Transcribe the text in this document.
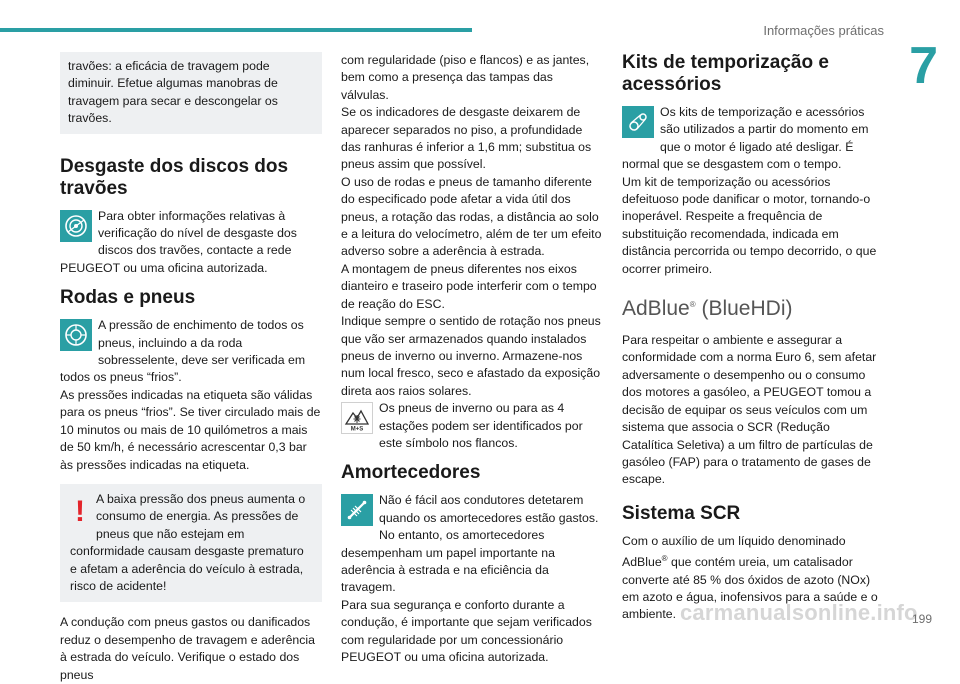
Informações práticas
7

travões: a eficácia de travagem pode diminuir. Efetue algumas manobras de travagem para secar e descongelar os travões.

Desgaste dos discos dos travões

Para obter informações relativas à verificação do nível de desgaste dos discos dos travões, contacte a rede PEUGEOT ou uma oficina autorizada.

Rodas e pneus

A pressão de enchimento de todos os pneus, incluindo a da roda sobresselente, deve ser verificada em todos os pneus “frios”.

As pressões indicadas na etiqueta são válidas para os pneus “frios”. Se tiver circulado mais de 10 minutos ou mais de 10 quilómetros a mais de 50 km/h, é necessário acrescentar 0,3 bar às pressões indicadas na etiqueta.

! A baixa pressão dos pneus aumenta o consumo de energia. As pressões de pneus que não estejam em conformidade causam desgaste prematuro e afetam a aderência do veículo à estrada, risco de acidente!

A condução com pneus gastos ou danificados reduz o desempenho de travagem e aderência à estrada do veículo. Verifique o estado dos pneus

com regularidade (piso e flancos) e as jantes, bem como a presença das tampas das válvulas.

Se os indicadores de desgaste deixarem de aparecer separados no piso, a profundidade das ranhuras é inferior a 1,6 mm; substitua os pneus assim que possível.

O uso de rodas e pneus de tamanho diferente do especificado pode afetar a vida útil dos pneus, a rotação das rodas, a distância ao solo e a leitura do velocímetro, além de ter um efeito adverso sobre a aderência à estrada.

A montagem de pneus diferentes nos eixos dianteiro e traseiro pode interferir com o tempo de reação do ESC.

Indique sempre o sentido de rotação nos pneus que vão ser armazenados quando instalados pneus de inverno ou inverno. Armazene-nos num local fresco, seco e afastado da exposição direta aos raios solares.

M+S

Os pneus de inverno ou para as 4 estações podem ser identificados por este símbolo nos flancos.

Amortecedores

Não é fácil aos condutores detetarem quando os amortecedores estão gastos. No entanto, os amortecedores desempenham um papel importante na aderência à estrada e na eficiência da travagem.

Para sua segurança e conforto durante a condução, é importante que sejam verificados com regularidade por um concessionário PEUGEOT ou uma oficina autorizada.

Kits de temporização e acessórios

Os kits de temporização e acessórios são utilizados a partir do momento em que o motor é ligado até desligar. É normal que se desgastem com o tempo.

Um kit de temporização ou acessórios defeituoso pode danificar o motor, tornando-o inoperável. Respeite a frequência de substituição recomendada, indicada em distância percorrida ou tempo decorrido, o que ocorrer primeiro.

AdBlue® (BlueHDi)

Para respeitar o ambiente e assegurar a conformidade com a norma Euro 6, sem afetar adversamente o desempenho ou o consumo dos motores a gasóleo, a PEUGEOT tomou a decisão de equipar os seus veículos com um sistema que associa o SCR (Redução Catalítica Seletiva) a um filtro de partículas de gasóleo (FAP) para o tratamento de gases de escape.

Sistema SCR

Com o auxílio de um líquido denominado AdBlue® que contém ureia, um catalisador converte até 85 % dos óxidos de azoto (NOx) em azoto e água, inofensivos para a saúde e o ambiente. carmanualsonline.info
199
